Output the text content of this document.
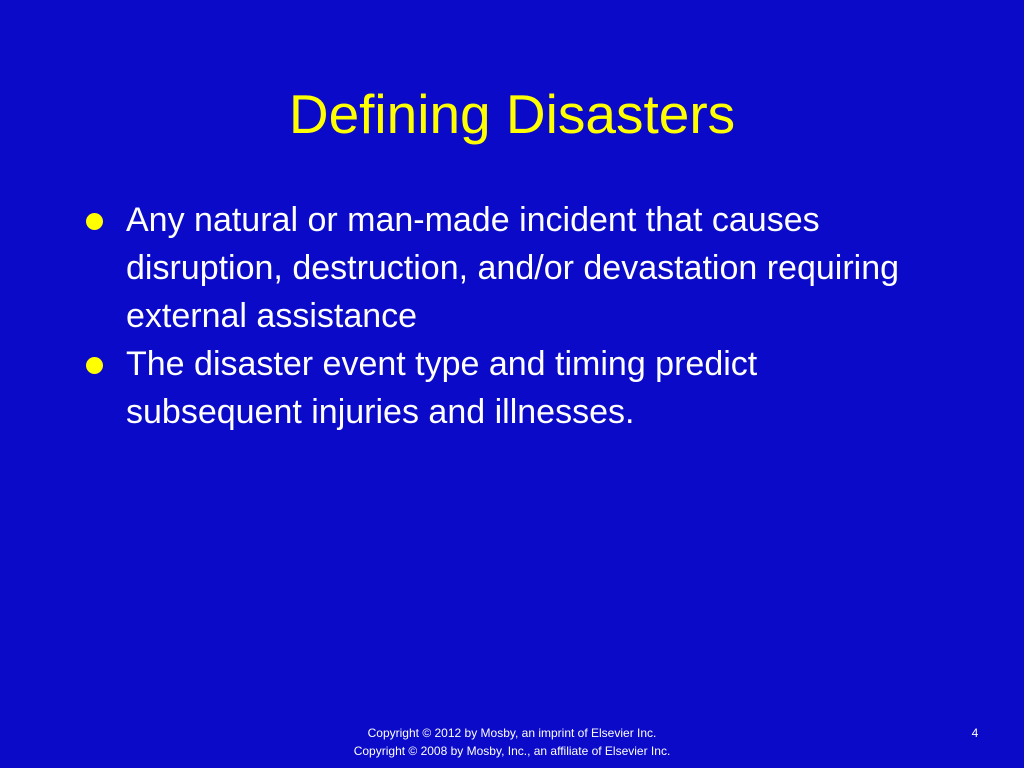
Defining Disasters
Any natural or man-made incident that causes disruption, destruction, and/or devastation requiring external assistance
The disaster event type and timing predict subsequent injuries and illnesses.
Copyright © 2012 by Mosby, an imprint of Elsevier Inc.
Copyright © 2008 by Mosby, Inc., an affiliate of Elsevier Inc.
4
